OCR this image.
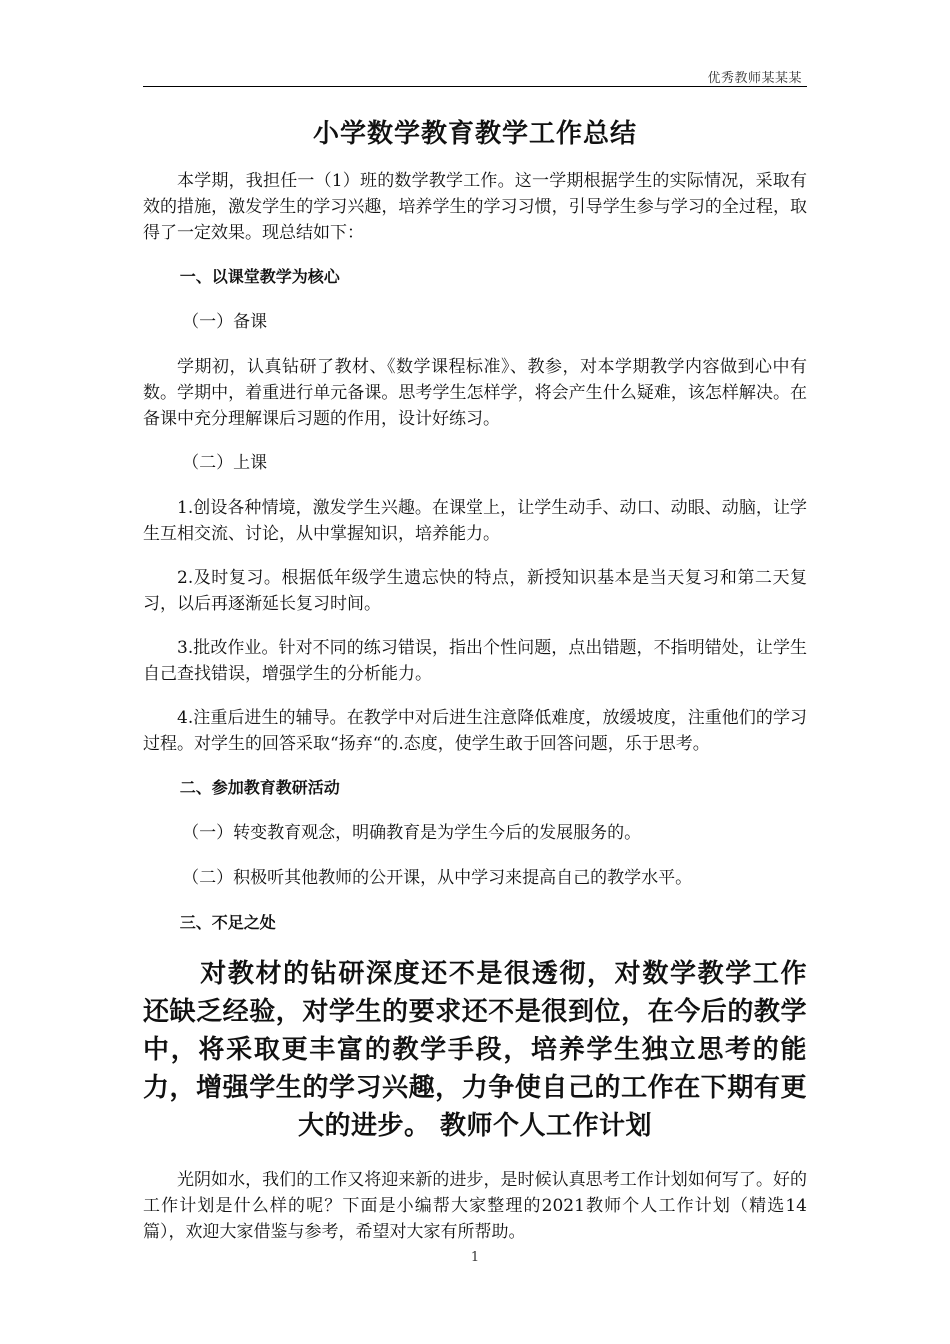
优秀教师某某某
小学数学教育教学工作总结

本学期，我担任一（1）班的数学教学工作。这一学期根据学生的实际情况，采取有效的措施，激发学生的学习兴趣，培养学生的学习习惯，引导学生参与学习的全过程，取得了一定效果。现总结如下：

一、以课堂教学为核心
（一）备课

学期初，认真钻研了教材、《数学课程标准》、教参，对本学期教学内容做到心中有数。学期中，着重进行单元备课。思考学生怎样学，将会产生什么疑难，该怎样解决。在备课中充分理解课后习题的作用，设计好练习。

（二）上课

1.创设各种情境，激发学生兴趣。在课堂上，让学生动手、动口、动眼、动脑，让学生互相交流、讨论，从中掌握知识，培养能力。

2.及时复习。根据低年级学生遗忘快的特点，新授知识基本是当天复习和第二天复习，以后再逐渐延长复习时间。

3.批改作业。针对不同的练习错误，指出个性问题，点出错题，不指明错处，让学生自己查找错误，增强学生的分析能力。

4.注重后进生的辅导。在教学中对后进生注意降低难度，放缓坡度，注重他们的学习过程。对学生的回答采取“扬弃“的.态度，使学生敢于回答问题，乐于思考。

二、参加教育教研活动
（一）转变教育观念，明确教育是为学生今后的发展服务的。
（二）积极听其他教师的公开课，从中学习来提高自己的教学水平。
三、不足之处

对教材的钻研深度还不是很透彻，对数学教学工作还缺乏经验，对学生的要求还不是很到位，在今后的教学中，将采取更丰富的教学手段，培养学生独立思考的能力，增强学生的学习兴趣，力争使自己的工作在下期有更大的进步。 教师个人工作计划

光阴如水，我们的工作又将迎来新的进步，是时候认真思考工作计划如何写了。好的工作计划是什么样的呢？下面是小编帮大家整理的2021教师个人工作计划（精选14篇），欢迎大家借鉴与参考，希望对大家有所帮助。

1
